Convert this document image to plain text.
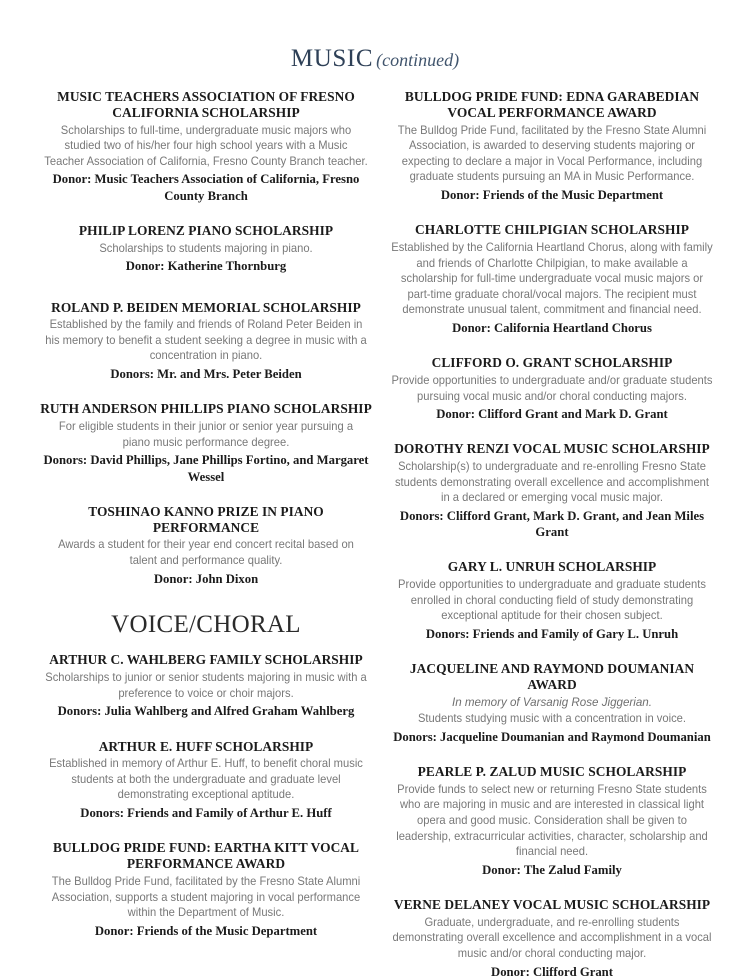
MUSIC (continued)
MUSIC TEACHERS ASSOCIATION OF FRESNO CALIFORNIA SCHOLARSHIP
Scholarships to full-time, undergraduate music majors who studied two of his/her four high school years with a Music Teacher Association of California, Fresno County Branch teacher.
Donor: Music Teachers Association of California, Fresno County Branch
PHILIP LORENZ PIANO SCHOLARSHIP
Scholarships to students majoring in piano.
Donor: Katherine Thornburg
ROLAND P. BEIDEN MEMORIAL SCHOLARSHIP
Established by the family and friends of Roland Peter Beiden in his memory to benefit a student seeking a degree in music with a concentration in piano.
Donors: Mr. and Mrs. Peter Beiden
RUTH ANDERSON PHILLIPS PIANO SCHOLARSHIP
For eligible students in their junior or senior year pursuing a piano music performance degree.
Donors: David Phillips, Jane Phillips Fortino, and Margaret Wessel
TOSHINAO KANNO PRIZE IN PIANO PERFORMANCE
Awards a student for their year end concert recital based on talent and performance quality.
Donor: John Dixon
VOICE/CHORAL
ARTHUR C. WAHLBERG FAMILY SCHOLARSHIP
Scholarships to junior or senior students majoring in music with a preference to voice or choir majors.
Donors: Julia Wahlberg and Alfred Graham Wahlberg
ARTHUR E. HUFF SCHOLARSHIP
Established in memory of Arthur E. Huff, to benefit choral music students at both the undergraduate and graduate level demonstrating exceptional aptitude.
Donors: Friends and Family of Arthur E. Huff
BULLDOG PRIDE FUND: EARTHA KITT VOCAL PERFORMANCE AWARD
The Bulldog Pride Fund, facilitated by the Fresno State Alumni Association, supports a student majoring in vocal performance within the Department of Music.
Donor: Friends of the Music Department
BULLDOG PRIDE FUND: EDNA GARABEDIAN VOCAL PERFORMANCE AWARD
The Bulldog Pride Fund, facilitated by the Fresno State Alumni Association, is awarded to deserving students majoring or expecting to declare a major in Vocal Performance, including graduate students pursuing an MA in Music Performance.
Donor: Friends of the Music Department
CHARLOTTE CHILPIGIAN SCHOLARSHIP
Established by the California Heartland Chorus, along with family and friends of Charlotte Chilpigian, to make available a scholarship for full-time undergraduate vocal music majors or part-time graduate choral/vocal majors. The recipient must demonstrate unusual talent, commitment and financial need.
Donor: California Heartland Chorus
CLIFFORD O. GRANT SCHOLARSHIP
Provide opportunities to undergraduate and/or graduate students pursuing vocal music and/or choral conducting majors.
Donor: Clifford Grant and Mark D. Grant
DOROTHY RENZI VOCAL MUSIC SCHOLARSHIP
Scholarship(s) to undergraduate and re-enrolling Fresno State students demonstrating overall excellence and accomplishment in a declared or emerging vocal music major.
Donors: Clifford Grant, Mark D. Grant, and Jean Miles Grant
GARY L. UNRUH SCHOLARSHIP
Provide opportunities to undergraduate and graduate students enrolled in choral conducting field of study demonstrating exceptional aptitude for their chosen subject.
Donors: Friends and Family of Gary L. Unruh
JACQUELINE AND RAYMOND DOUMANIAN AWARD
In memory of Varsanig Rose Jiggerian.
Students studying music with a concentration in voice.
Donors: Jacqueline Doumanian and Raymond Doumanian
PEARLE P. ZALUD MUSIC SCHOLARSHIP
Provide funds to select new or returning Fresno State students who are majoring in music and are interested in classical light opera and good music. Consideration shall be given to leadership, extracurricular activities, character, scholarship and financial need.
Donor: The Zalud Family
VERNE DELANEY VOCAL MUSIC SCHOLARSHIP
Graduate, undergraduate, and re-enrolling students demonstrating overall excellence and accomplishment in a vocal music and/or choral conducting major.
Donor: Clifford Grant
